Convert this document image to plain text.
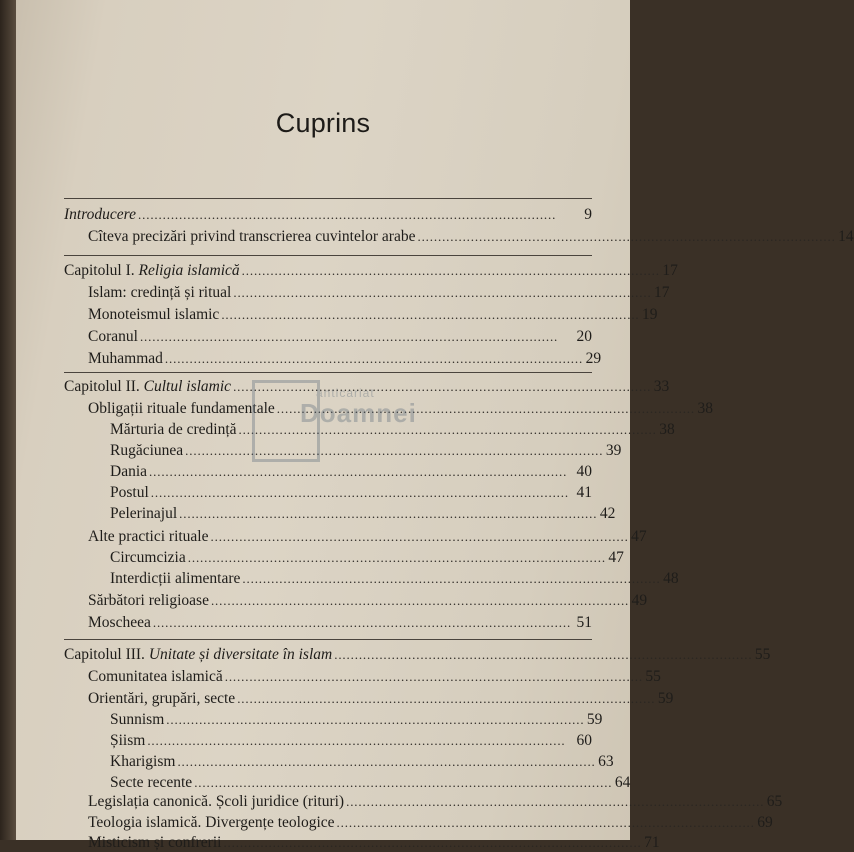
Cuprins
Introducere . . .	9
Cîteva precizări privind transcrierea cuvintelor arabe . . .	14
Capitolul I. Religia islamică . . .	17
Islam: credință și ritual . . .	17
Monoteismul islamic . . .	19
Coranul . . .	20
Muhammad . . .	29
Capitolul II. Cultul islamic . . .	33
Obligații rituale fundamentale . . .	38
Mărturia de credință . . .	38
Rugăciunea . . .	39
Dania . . .	40
Postul . . .	41
Pelerinajul . . .	42
Alte practici rituale . . .	47
Circumcizia . . .	47
Interdicții alimentare . . .	48
Sărbători religioase . . .	49
Moscheea . . .	51
Capitolul III. Unitate și diversitate în islam . . .	55
Comunitatea islamică . . .	55
Orientări, grupări, secte . . .	59
Sunnism . . .	59
Șiism . . .	60
Kharigism . . .	63
Secte recente . . .	64
Legislația canonică. Școli juridice (rituri) . . .	65
Teologia islamică. Divergențe teologice . . .	69
Misticism și confrerii . . .	71
anticariat
Doamnei
